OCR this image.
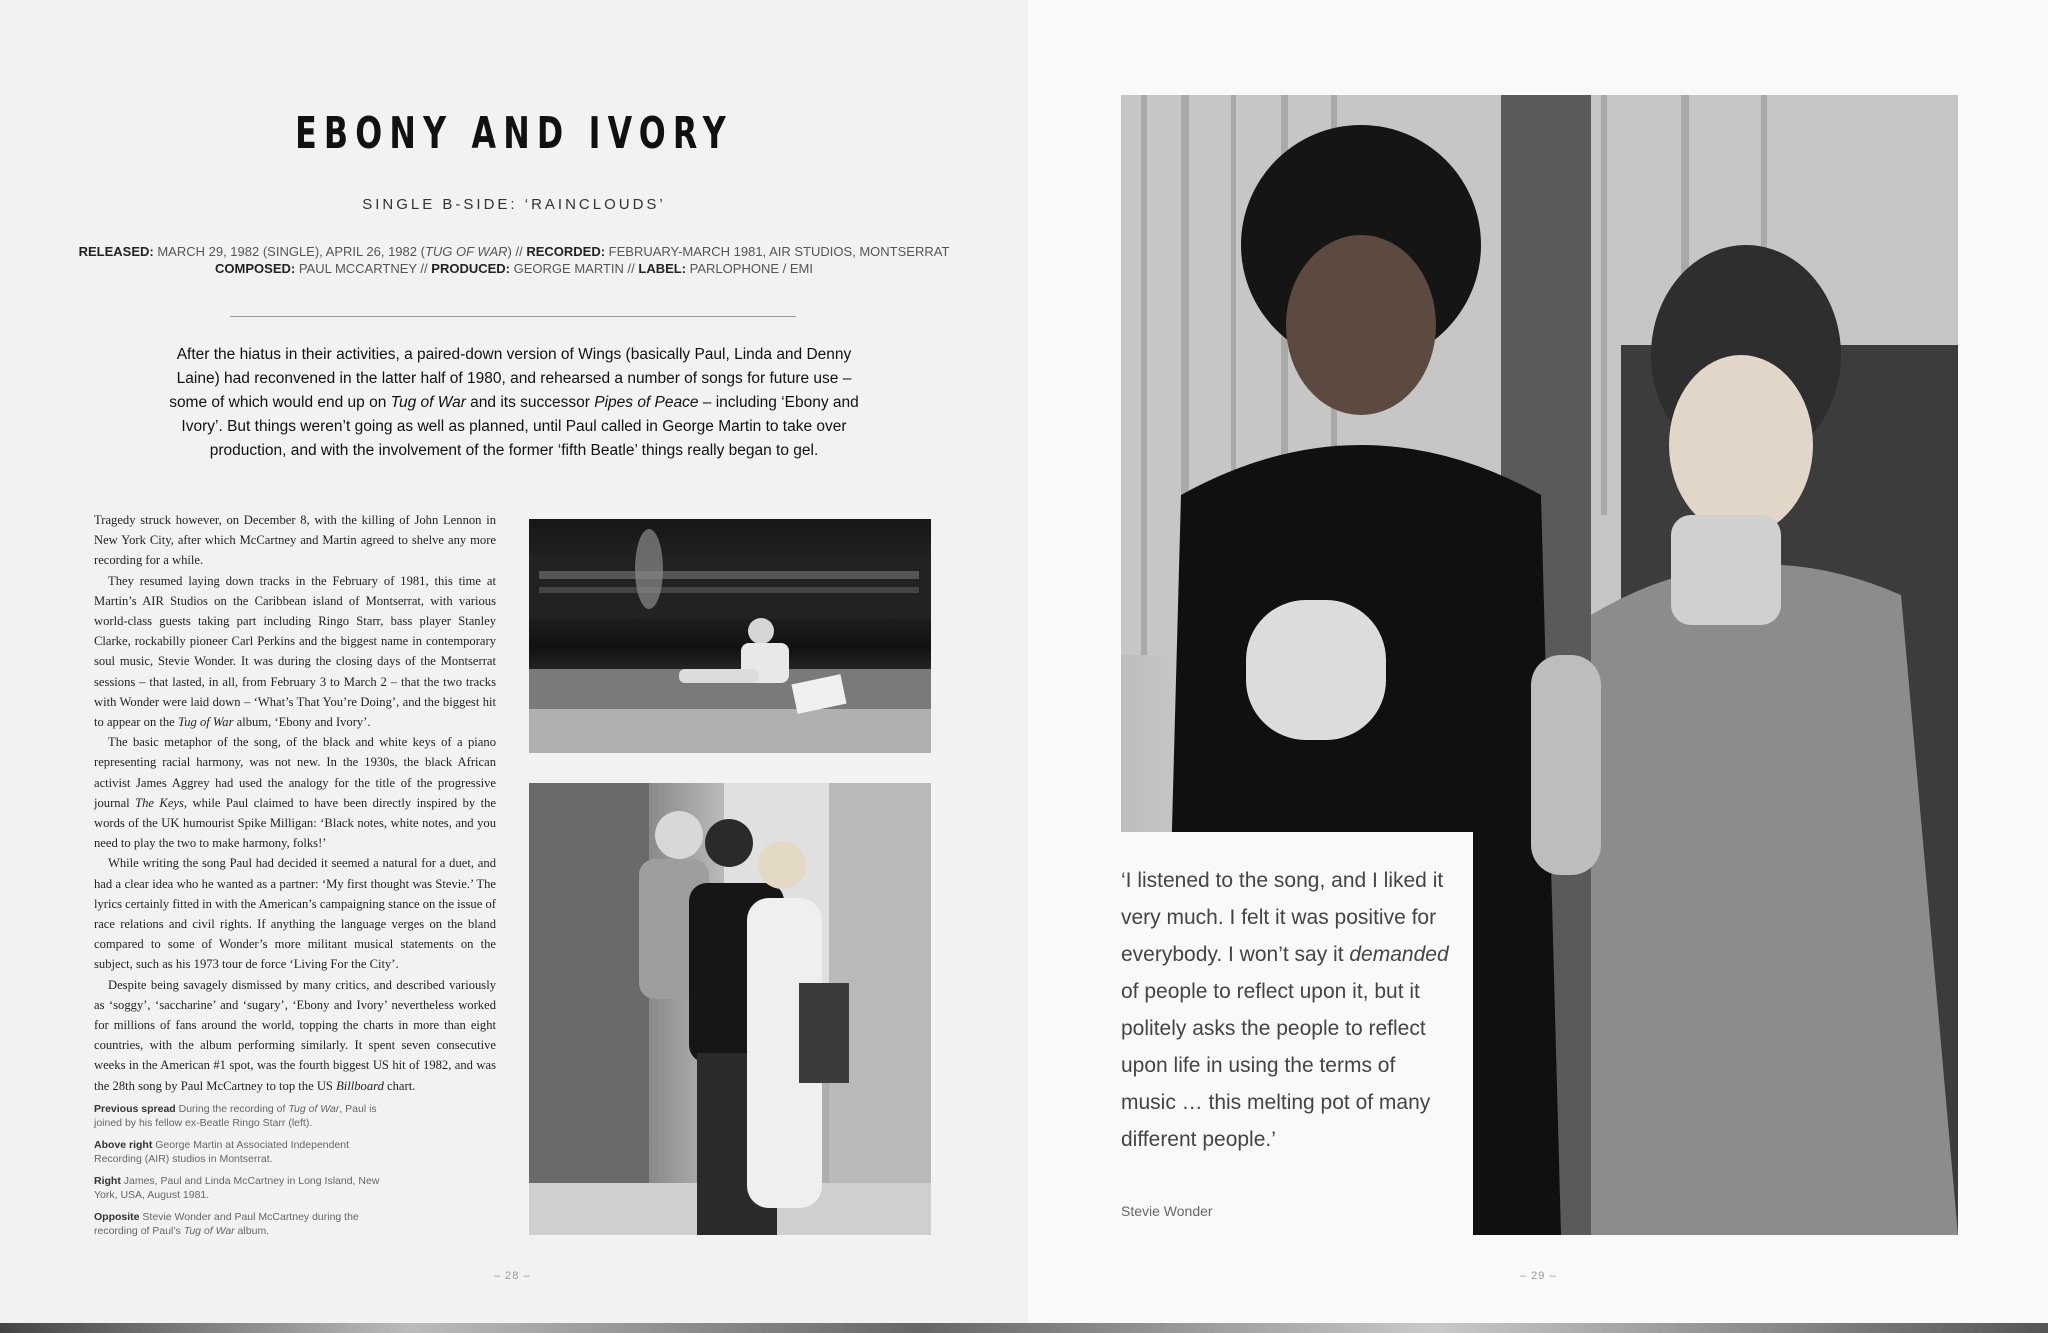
EBONY AND IVORY
SINGLE B-SIDE: ‘RAINCLOUDS’
RELEASED: MARCH 29, 1982 (SINGLE), APRIL 26, 1982 (TUG OF WAR) // RECORDED: FEBRUARY-MARCH 1981, AIR STUDIOS, MONTSERRAT
COMPOSED: PAUL MCCARTNEY // PRODUCED: GEORGE MARTIN // LABEL: PARLOPHONE / EMI
After the hiatus in their activities, a paired-down version of Wings (basically Paul, Linda and Denny Laine) had reconvened in the latter half of 1980, and rehearsed a number of songs for future use – some of which would end up on Tug of War and its successor Pipes of Peace – including ‘Ebony and Ivory’. But things weren’t going as well as planned, until Paul called in George Martin to take over production, and with the involvement of the former ‘fifth Beatle’ things really began to gel.

Tragedy struck however, on December 8, with the killing of John Lennon in New York City, after which McCartney and Martin agreed to shelve any more recording for a while.

They resumed laying down tracks in the February of 1981, this time at Martin’s AIR Studios on the Caribbean island of Montserrat, with various world-class guests taking part including Ringo Starr, bass player Stanley Clarke, rockabilly pioneer Carl Perkins and the biggest name in contemporary soul music, Stevie Wonder. It was during the closing days of the Montserrat sessions – that lasted, in all, from February 3 to March 2 – that the two tracks with Wonder were laid down – ‘What’s That You’re Doing’, and the biggest hit to appear on the Tug of War album, ‘Ebony and Ivory’.

The basic metaphor of the song, of the black and white keys of a piano representing racial harmony, was not new. In the 1930s, the black African activist James Aggrey had used the analogy for the title of the progressive journal The Keys, while Paul claimed to have been directly inspired by the words of the UK humourist Spike Milligan: ‘Black notes, white notes, and you need to play the two to make harmony, folks!’

While writing the song Paul had decided it seemed a natural for a duet, and had a clear idea who he wanted as a partner: ‘My first thought was Stevie.’ The lyrics certainly fitted in with the American’s campaigning stance on the issue of race relations and civil rights. If anything the language verges on the bland compared to some of Wonder’s more militant musical statements on the subject, such as his 1973 tour de force ‘Living For the City’.

Despite being savagely dismissed by many critics, and described variously as ‘soggy’, ‘saccharine’ and ‘sugary’, ‘Ebony and Ivory’ nevertheless worked for millions of fans around the world, topping the charts in more than eight countries, with the album performing similarly. It spent seven consecutive weeks in the American #1 spot, was the fourth biggest US hit of 1982, and was the 28th song by Paul McCartney to top the US Billboard chart.

Previous spread During the recording of Tug of War, Paul is joined by his fellow ex-Beatle Ringo Starr (left).

Above right George Martin at Associated Independent Recording (AIR) studios in Montserrat.

Right James, Paul and Linda McCartney in Long Island, New York, USA, August 1981.

Opposite Stevie Wonder and Paul McCartney during the recording of Paul’s Tug of War album.

‘I listened to the song, and I liked it very much. I felt it was positive for everybody. I won’t say it demanded of people to reflect upon it, but it politely asks the people to reflect upon life in using the terms of music … this melting pot of many different people.’
Stevie Wonder
– 28 –	– 29 –
